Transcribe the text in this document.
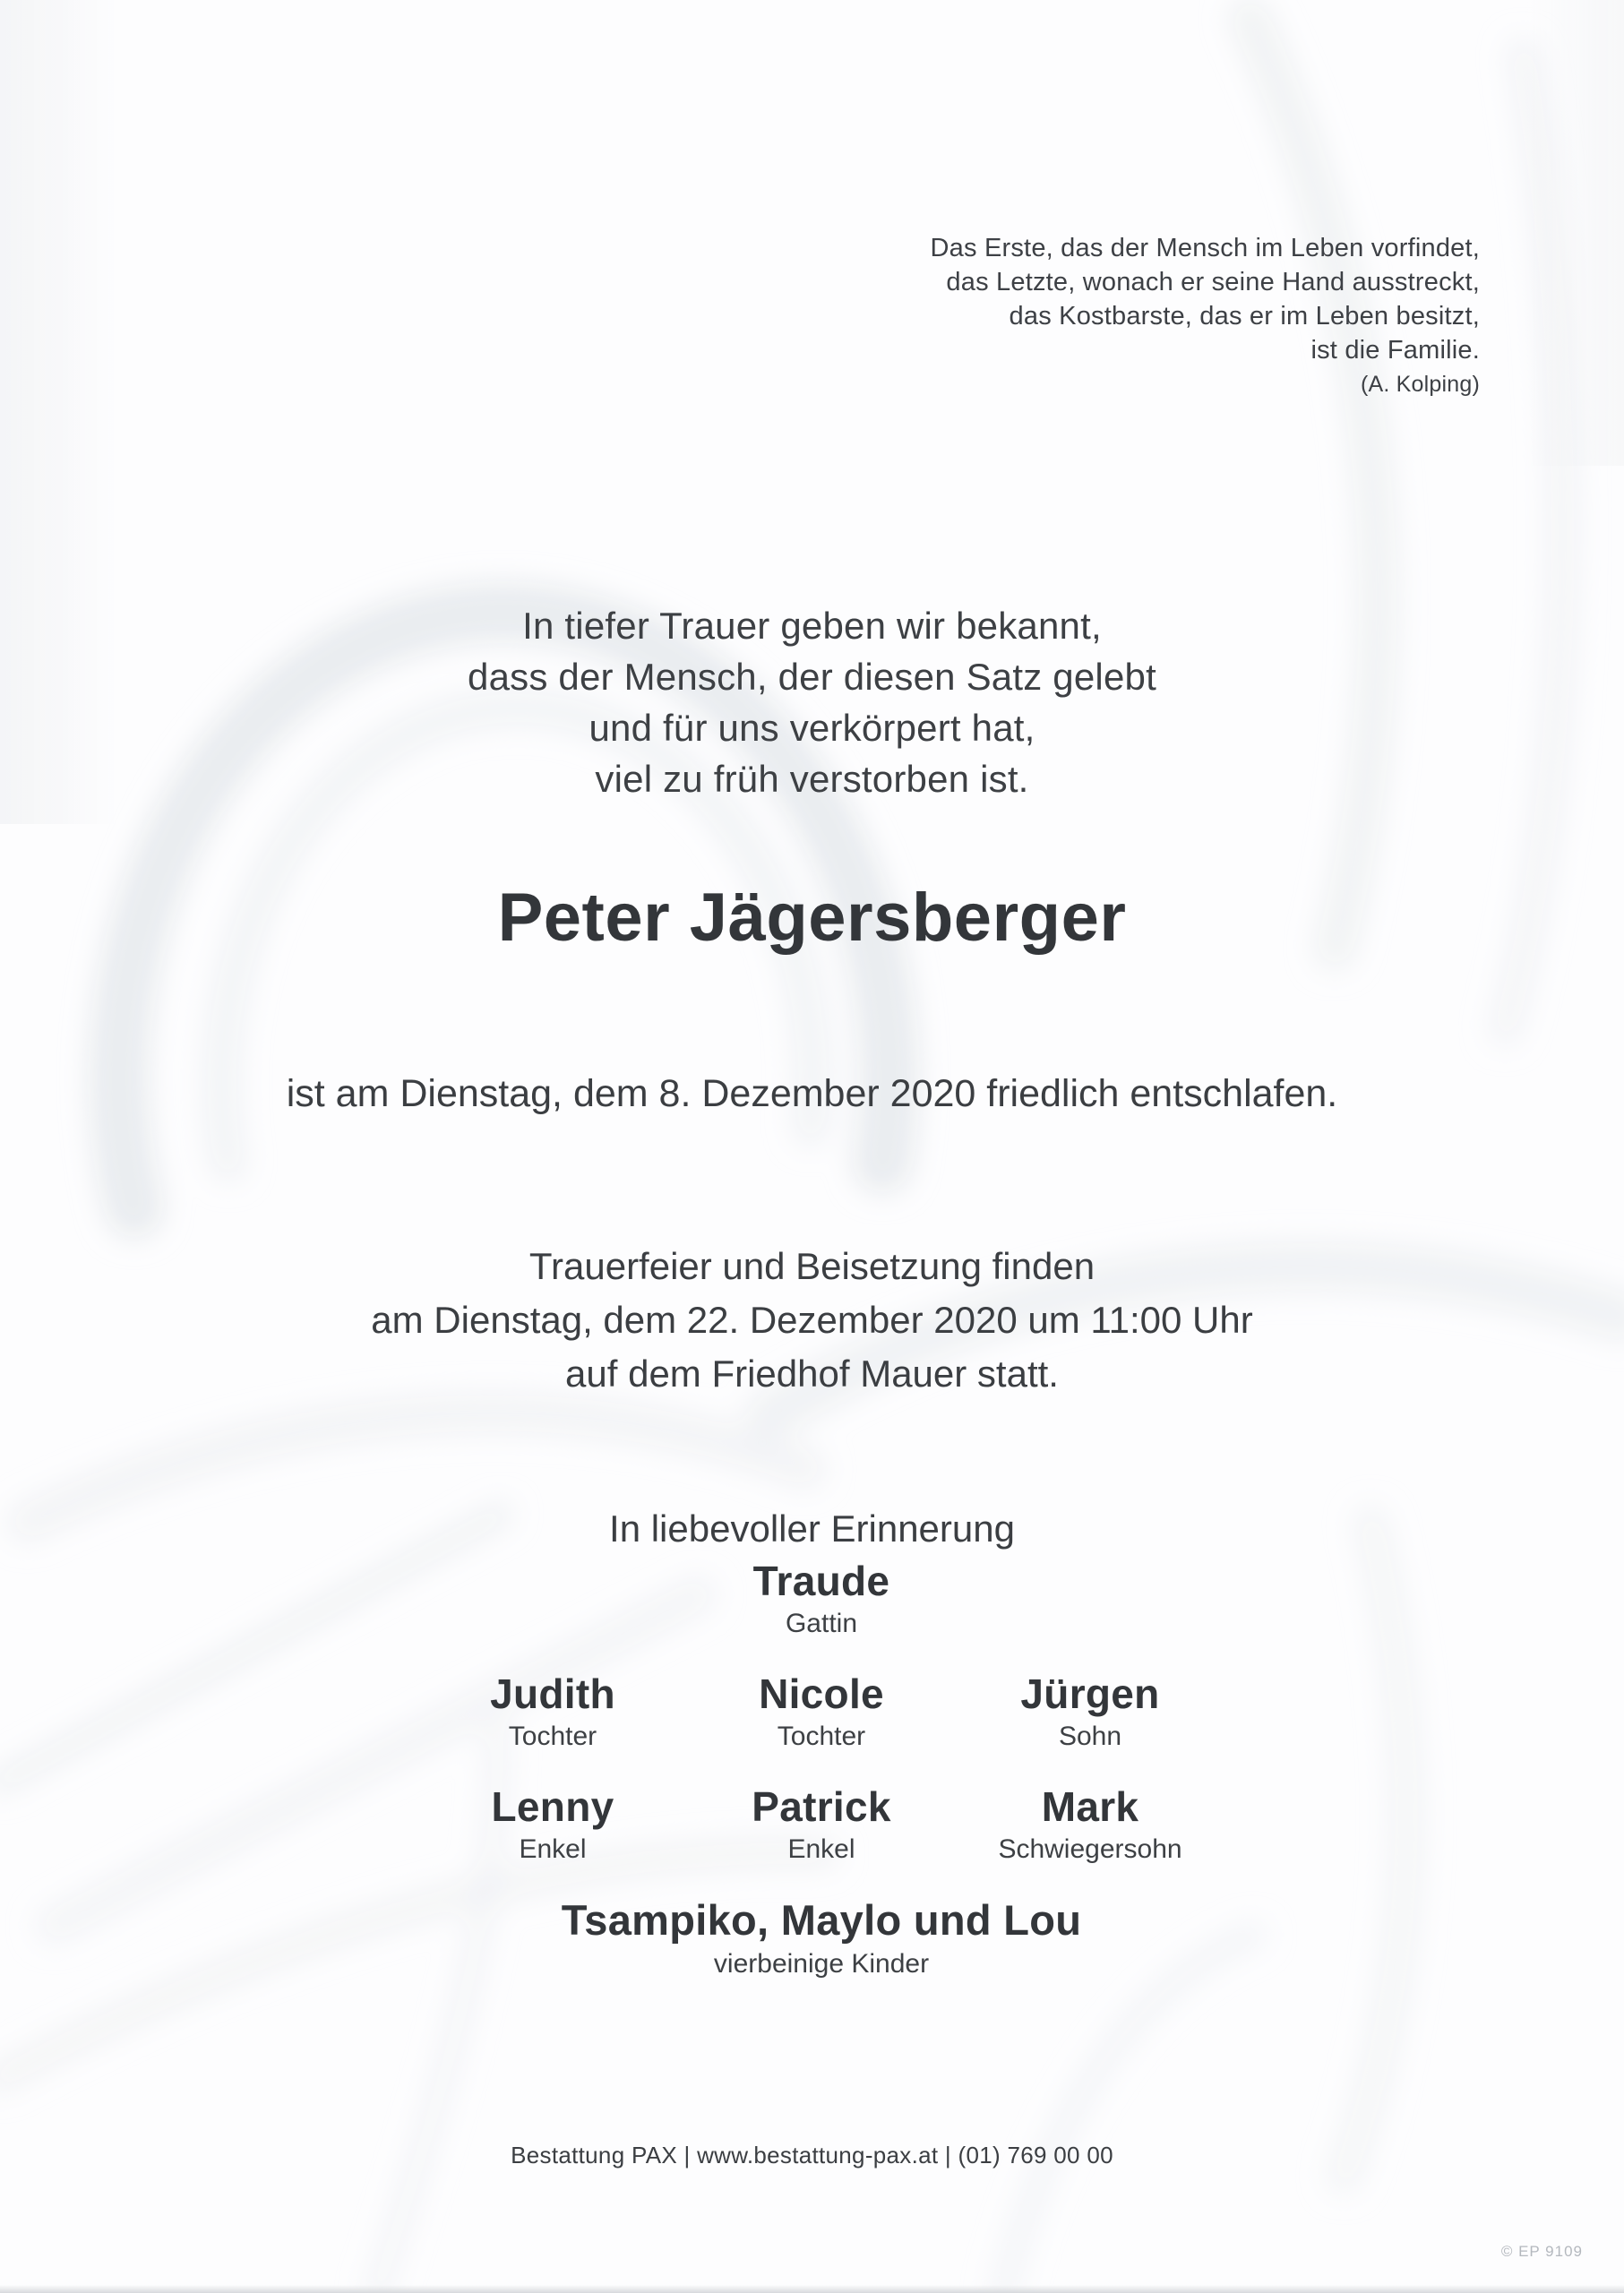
Das Erste, das der Mensch im Leben vorfindet,
das Letzte, wonach er seine Hand ausstreckt,
das Kostbarste, das er im Leben besitzt,
ist die Familie.
(A. Kolping)
In tiefer Trauer geben wir bekannt,
dass der Mensch, der diesen Satz gelebt
und für uns verkörpert hat,
viel zu früh verstorben ist.
Peter Jägersberger
ist am Dienstag, dem 8. Dezember 2020 friedlich entschlafen.
Trauerfeier und Beisetzung finden
am Dienstag, dem 22. Dezember 2020 um 11:00 Uhr
auf dem Friedhof Mauer statt.
In liebevoller Erinnerung
Traude
Gattin
Judith
Tochter
Nicole
Tochter
Jürgen
Sohn
Lenny
Enkel
Patrick
Enkel
Mark
Schwiegersohn
Tsampiko, Maylo und Lou
vierbeinige Kinder
Bestattung PAX | www.bestattung-pax.at | (01) 769 00 00
© EP 9109
